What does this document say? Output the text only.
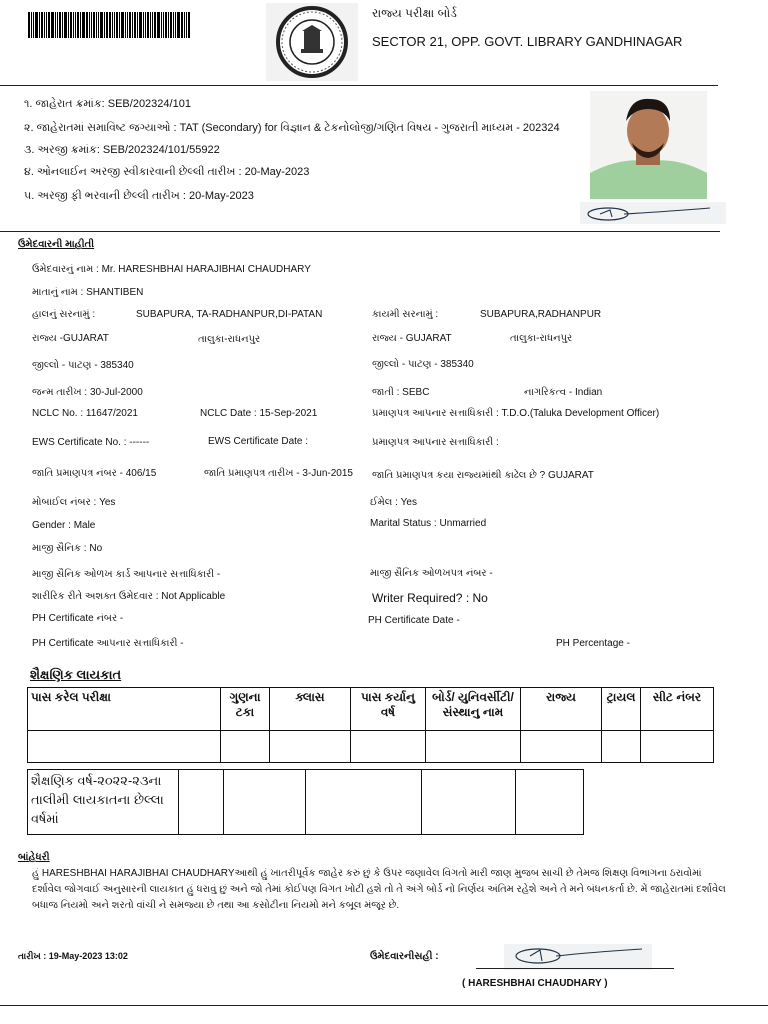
રાજ્ય પરીક્ષા બોર્ડ
SECTOR 21, OPP. GOVT. LIBRARY GANDHINAGAR
૧. જાહેરાત ક્રમાંક: SEB/202324/101
૨. જાહેરાતમાં સમાવિષ્ટ જગ્યાઓ : TAT (Secondary) for વિજ્ઞાન & ટેકનોલોજી/ગણિત વિષય - ગુજરાતી માધ્યમ - 202324
૩. અરજી ક્રમાંક: SEB/202324/101/55922
૪. ઓનલાઈન અરજી સ્વીકારવાની છેલ્લી તારીખ : 20-May-2023
૫. અરજી ફી ભરવાની છેલ્લી તારીખ : 20-May-2023
ઉમેદવારની માહીતી
ઉમેદવારનું નામ : Mr. HARESHBHAI HARAJIBHAI CHAUDHARY
માતાનું નામ : SHANTIBEN
હાલનું સરનામું :	SUBAPURA, TA-RADHANPUR,DI-PATAN	કાયમી સરનામું :	SUBAPURA,RADHANPUR
રાજ્ય -GUJARAT	તાલુકા-રાધનપુર	રાજ્ય - GUJARAT	તાલુકા-રાધનપુર
જીલ્લો - પાટણ - 385340	જીલ્લો - પાટણ - 385340
જન્મ તારીખ : 30-Jul-2000	જાતી : SEBC	નાગરિકત્વ - Indian
NCLC No. : 11647/2021	NCLC Date : 15-Sep-2021	પ્રમાણપત્ર આપનાર સત્તાધિકારી : T.D.O.(Taluka Development Officer)
EWS Certificate No. : ------	EWS Certificate Date :	પ્રમાણપત્ર આપનાર સત્તાધિકારી :
જાતિ પ્રમાણપત્ર નંબર - 406/15	જાતિ પ્રમાણપત્ર તારીખ - 3-Jun-2015 જાતિ પ્રમાણપત્ર કયા રાજ્યમાંથી કાઢેલ છે ? GUJARAT
મોબાઈલ નંબર : Yes	ઈમેલ : Yes
Gender : Male	Marital Status : Unmarried
માજી સૈનિક : No
માજી સૈનિક ઓળખ કાર્ડ આપનાર સત્તાધિકારી -	માજી સૈનિક ઓળખપત્ર નંબર -
શારીરિક રીતે અશક્ત ઉમેદવાર : Not Applicable	Writer Required? : No
PH Certificate નંબર -	PH Certificate Date -
PH Certificate આપનાર સત્તાધિકારી -	PH Percentage -
શૈક્ષણિક લાયકાત
પાસ કરેલ પરીક્ષા	ગુણના ટકા	ક્લાસ	પાસ કર્યાનુ વર્ષ	બોર્ડ/ યુનિવર્સીટી/ સંસ્થાનુ નામ	રાજ્ય	ટ્રાયલ	સીટ નંબર

શૈક્ષણિક વર્ષ-૨૦૨૨-૨૩ના તાલીમી લાયકાતના છેલ્લા વર્ષમાં					
બાંહેધરી
હું HARESHBHAI HARAJIBHAI CHAUDHARYઆથી હું ખાતરીપૂર્વક જાહેર કરું છું કે ઉપર જણાવેલ વિગતો મારી જાણ મુજબ સાચી છે તેમજ શિક્ષણ વિભાગના ઠરાવોમાં દર્શાવેલ જોગવાઈ અનુસારની લાયકાત હું ધરાવું છું અને જો તેમાં કોઈપણ વિગત ખોટી હશે તો તે અંગે બોર્ડ નો નિર્ણય અંતિમ રહેશે અને તે મને બંધનકર્તા છે. મેં જાહેરાતમાં દર્શાવેલ બધાજ નિયમો અને શરતો વાંચી ને સમજ્યા છે તથા આ કસોટીના નિયમો મને કબૂલ મંજૂર છે.
તારીખ : 19-May-2023 13:02	ઉમેદવારનીસહી :
( HARESHBHAI CHAUDHARY )
